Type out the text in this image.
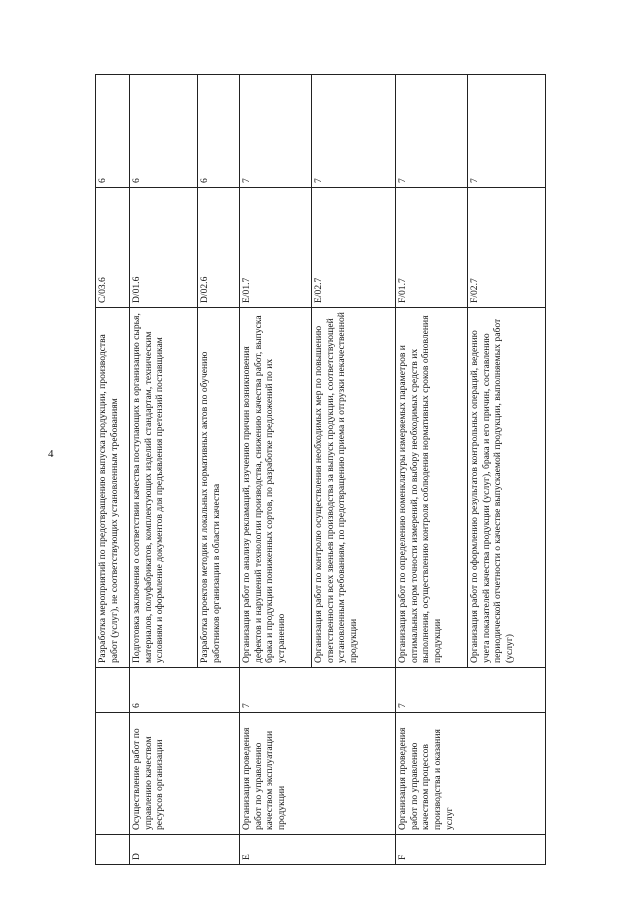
4
				Разработка мероприятий по предотвращению выпуска продукции, производства работ (услуг), не соответствующих установленным требованиям	C/03.6	6
D	Осуществление работ по управлению качеством ресурсов организации	6	Подготовка заключения о соответствии качества поступающих в организацию сырья, материалов, полуфабрикатов, комплектующих изделий стандартам, техническим условиям и оформление документов для предъявления претензий поставщикам	D/01.6	6
			Разработка проектов методик и локальных нормативных актов по обучению работников организации в области качества	D/02.6	6
E	Организация проведения работ по управлению качеством эксплуатации продукции	7	Организация работ по анализу рекламаций, изучению причин возникновения дефектов и нарушений технологии производства, снижению качества работ, выпуска брака и продукции пониженных сортов, по разработке предложений по их устранению	E/01.7	7
			Организация работ по контролю осуществления необходимых мер по повышению ответственности всех звеньев производства за выпуск продукции, соответствующей установленным требованиям, по предотвращению приема и отгрузки некачественной продукции	E/02.7	7
F	Организация проведения работ по управлению качеством процессов производства и оказания услуг	7	Организация работ по определению номенклатуры измеряемых параметров и оптимальных норм точности измерений, по выбору необходимых средств их выполнения, осуществлению контроля соблюдения нормативных сроков обновления продукции	F/01.7	7
			Организация работ по оформлению результатов контрольных операций, ведению учета показателей качества продукции (услуг), брака и его причин, составлению периодической отчетности о качестве выпускаемой продукции, выполняемых работ (услуг)	F/02.7	7
